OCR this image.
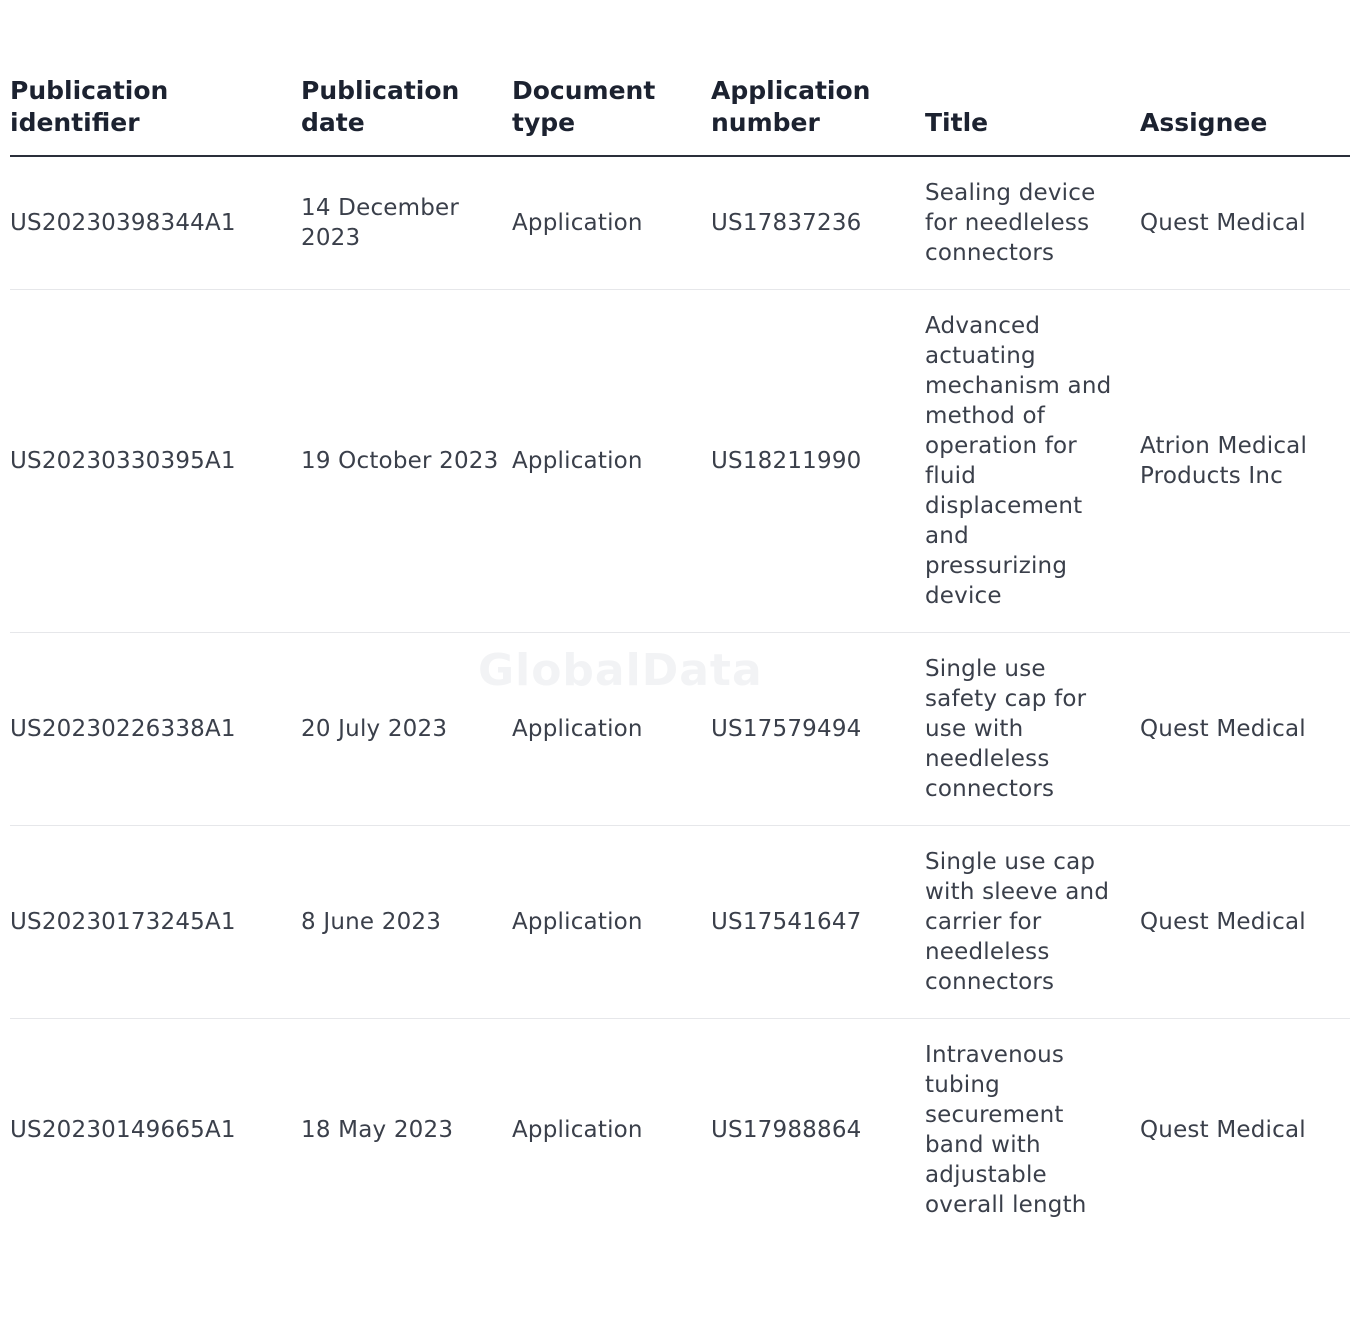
Publication identifier	Publication date	Document type	Application number	Title	Assignee
US20230398344A1	14 December 2023	Application	US17837236	Sealing device for needleless connectors	Quest Medical
US20230330395A1	19 October 2023	Application	US18211990	Advanced actuating mechanism and method of operation for fluid displacement and pressurizing device	Atrion Medical Products Inc
US20230226338A1	20 July 2023	Application	US17579494	Single use safety cap for use with needleless connectors	Quest Medical
US20230173245A1	8 June 2023	Application	US17541647	Single use cap with sleeve and carrier for needleless connectors	Quest Medical
US20230149665A1	18 May 2023	Application	US17988864	Intravenous tubing securement band with adjustable overall length	Quest Medical
GlobalData
